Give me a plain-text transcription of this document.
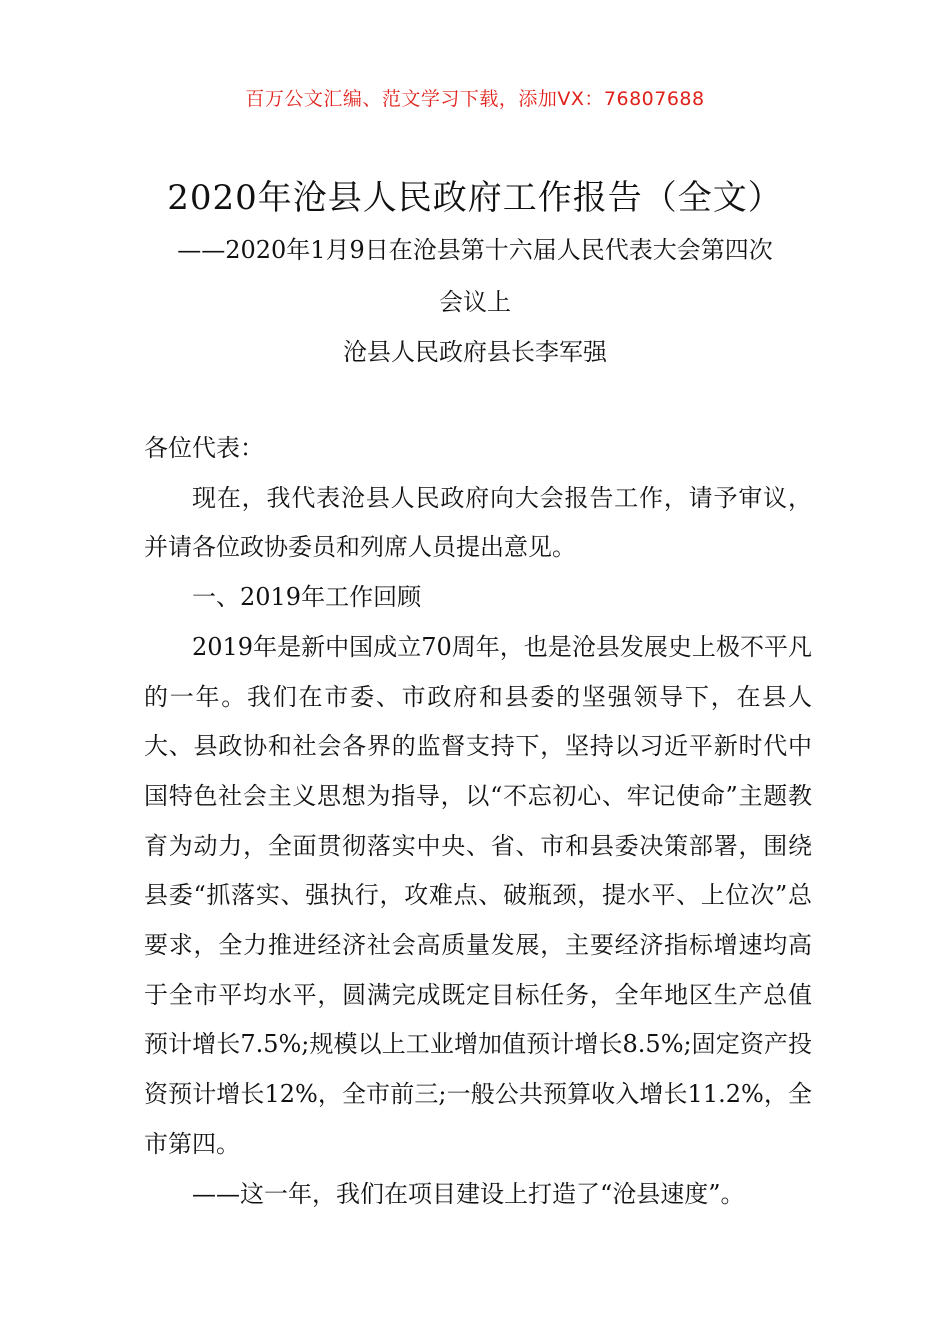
百万公文汇编、范文学习下载，添加VX：76807688
2020年沧县人民政府工作报告（全文）
——2020年1月9日在沧县第十六届人民代表大会第四次
会议上
沧县人民政府县长李军强

各位代表：

现在，我代表沧县人民政府向大会报告工作，请予审议，并请各位政协委员和列席人员提出意见。

一、2019年工作回顾

2019年是新中国成立70周年，也是沧县发展史上极不平凡的一年。我们在市委、市政府和县委的坚强领导下，在县人大、县政协和社会各界的监督支持下，坚持以习近平新时代中国特色社会主义思想为指导，以“不忘初心、牢记使命”主题教育为动力，全面贯彻落实中央、省、市和县委决策部署，围绕县委“抓落实、强执行，攻难点、破瓶颈，提水平、上位次”总要求，全力推进经济社会高质量发展，主要经济指标增速均高于全市平均水平，圆满完成既定目标任务，全年地区生产总值预计增长7.5%;规模以上工业增加值预计增长8.5%;固定资产投资预计增长12%，全市前三;一般公共预算收入增长11.2%，全市第四。

——这一年，我们在项目建设上打造了“沧县速度”。
